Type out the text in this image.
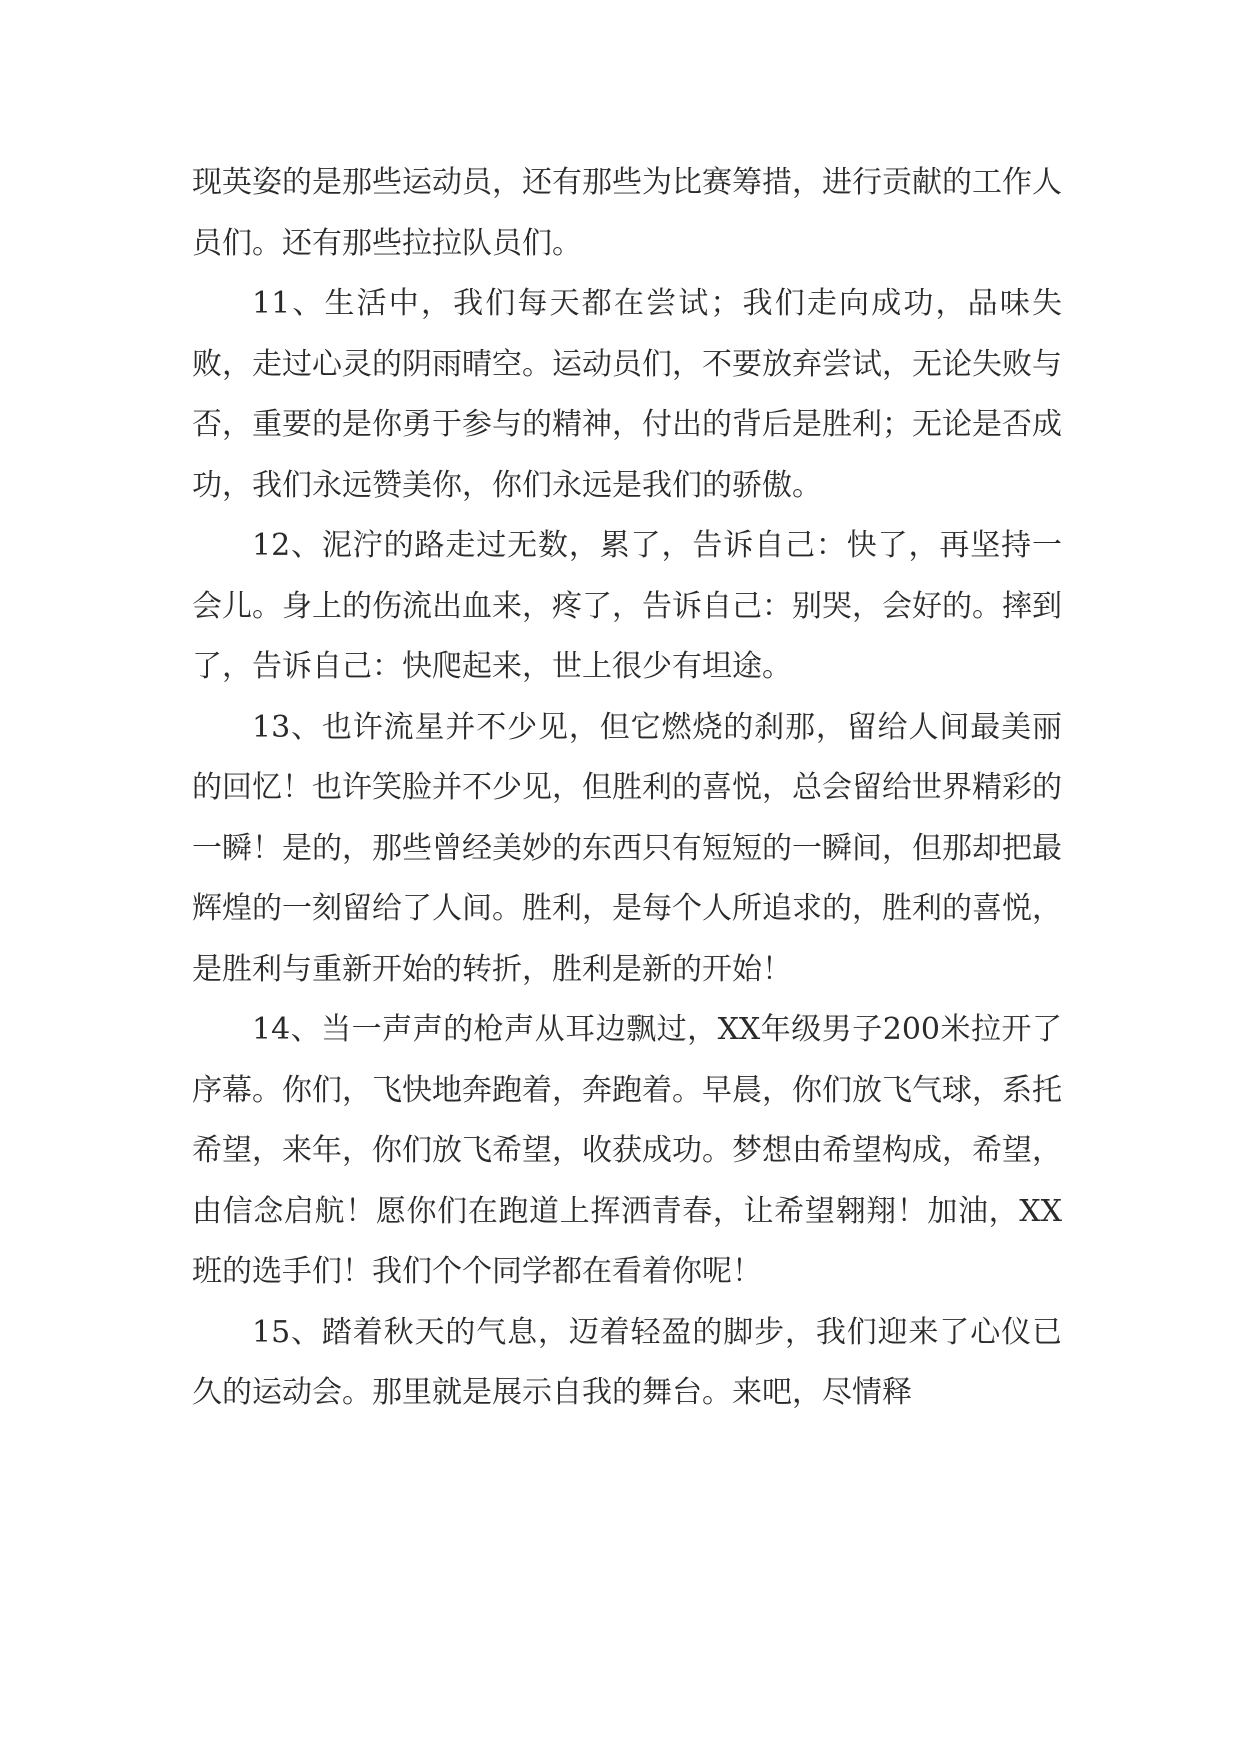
现英姿的是那些运动员，还有那些为比赛筹措，进行贡献的工作人员们。还有那些拉拉队员们。

11、生活中，我们每天都在尝试；我们走向成功，品味失败，走过心灵的阴雨晴空。运动员们，不要放弃尝试，无论失败与否，重要的是你勇于参与的精神，付出的背后是胜利；无论是否成功，我们永远赞美你，你们永远是我们的骄傲。

12、泥泞的路走过无数，累了，告诉自己：快了，再坚持一会儿。身上的伤流出血来，疼了，告诉自己：别哭，会好的。摔到了，告诉自己：快爬起来，世上很少有坦途。

13、也许流星并不少见，但它燃烧的刹那，留给人间最美丽的回忆！也许笑脸并不少见，但胜利的喜悦，总会留给世界精彩的一瞬！是的，那些曾经美妙的东西只有短短的一瞬间，但那却把最辉煌的一刻留给了人间。胜利，是每个人所追求的，胜利的喜悦，是胜利与重新开始的转折，胜利是新的开始！

14、当一声声的枪声从耳边飘过，XX年级男子200米拉开了序幕。你们，飞快地奔跑着，奔跑着。早晨，你们放飞气球，系托希望，来年，你们放飞希望，收获成功。梦想由希望构成，希望，由信念启航！愿你们在跑道上挥洒青春，让希望翱翔！加油，XX班的选手们！我们个个同学都在看着你呢！

15、踏着秋天的气息，迈着轻盈的脚步，我们迎来了心仪已久的运动会。那里就是展示自我的舞台。来吧，尽情释
